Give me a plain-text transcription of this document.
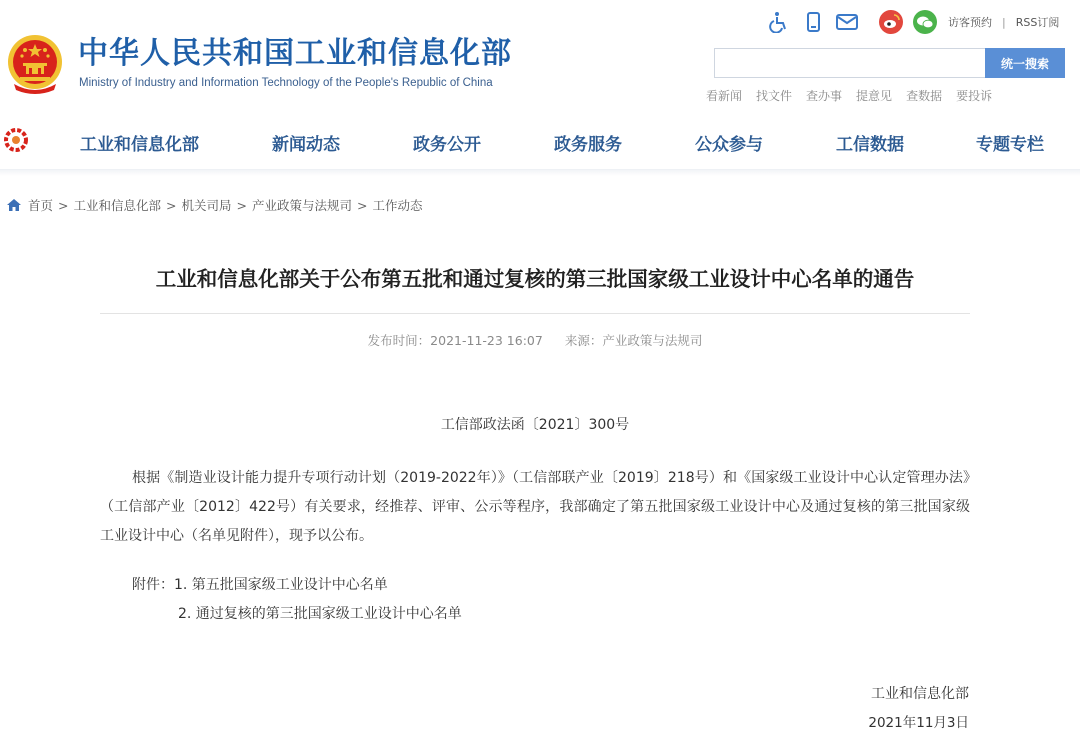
中华人民共和国工业和信息化部
Ministry of Industry and Information Technology of the People's Republic of China
访客预约 | RSS订阅
统一搜索
看新闻 找文件 查办事 提意见 查数据 要投诉
工业和信息化部	新闻动态	政务公开	政务服务	公众参与	工信数据	专题专栏
首页 > 工业和信息化部 > 机关司局 > 产业政策与法规司 > 工作动态
工业和信息化部关于公布第五批和通过复核的第三批国家级工业设计中心名单的通告
发布时间：2021-11-23 16:07 来源：产业政策与法规司
工信部政法函〔2021〕300号
根据《制造业设计能力提升专项行动计划（2019-2022年）》（工信部联产业〔2019〕218号）和《国家级工业设计中心认定管理办法》（工信部产业〔2012〕422号）有关要求，经推荐、评审、公示等程序，我部确定了第五批国家级工业设计中心及通过复核的第三批国家级工业设计中心（名单见附件），现予以公布。
附件：1. 第五批国家级工业设计中心名单
2. 通过复核的第三批国家级工业设计中心名单
工业和信息化部
2021年11月3日
